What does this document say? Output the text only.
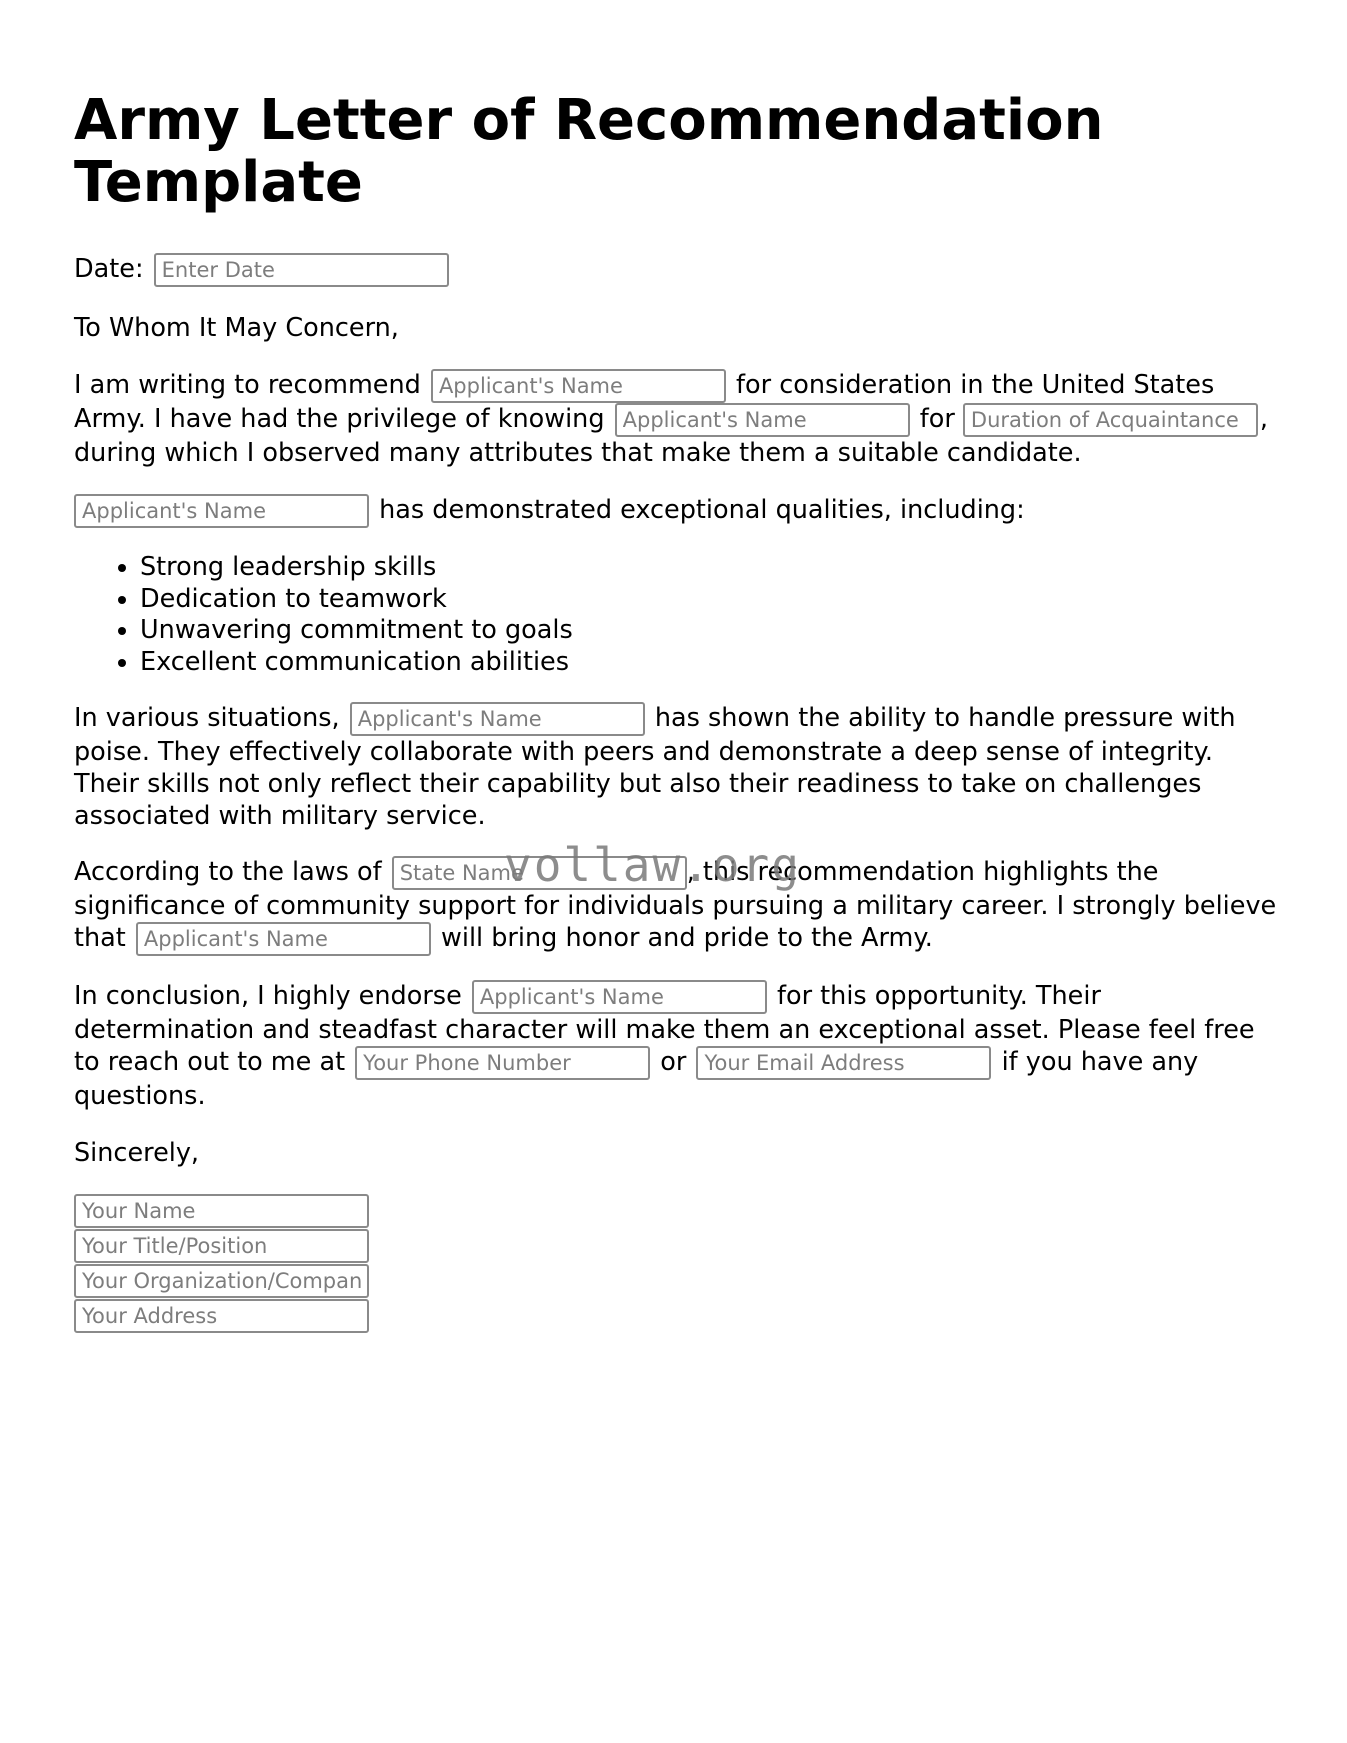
Army Letter of Recommendation Template

Date: Enter Date

To Whom It May Concern,

I am writing to recommend Applicant's Name	for consideration in the United States Army. I have had the privilege of knowing Applicant's Name	for Duration of Acquaintance	, during which I observed many attributes that make them a suitable candidate.

Applicant's Name has demonstrated exceptional qualities, including:

• Strong leadership skills
• Dedication to teamwork
• Unwavering commitment to goals
• Excellent communication abilities

In various situations, Applicant's Name	has shown the ability to handle pressure with poise. They effectively collaborate with peers and demonstrate a deep sense of integrity. Their skills not only reflect their capability but also their readiness to take on challenges associated with military service.

According to the laws of State Name	, this recommendation highlights the significance of community support for individuals pursuing a military career. I strongly believe that Applicant's Name	will bring honor and pride to the Army.

In conclusion, I highly endorse Applicant's Name	for this opportunity. Their determination and steadfast character will make them an exceptional asset. Please feel free to reach out to me at Your Phone Number	or Your Email Address	if you have any questions.

Sincerely,

Your Name
Your Title/Position
Your Organization/Company
Your Address
vollaw.org
